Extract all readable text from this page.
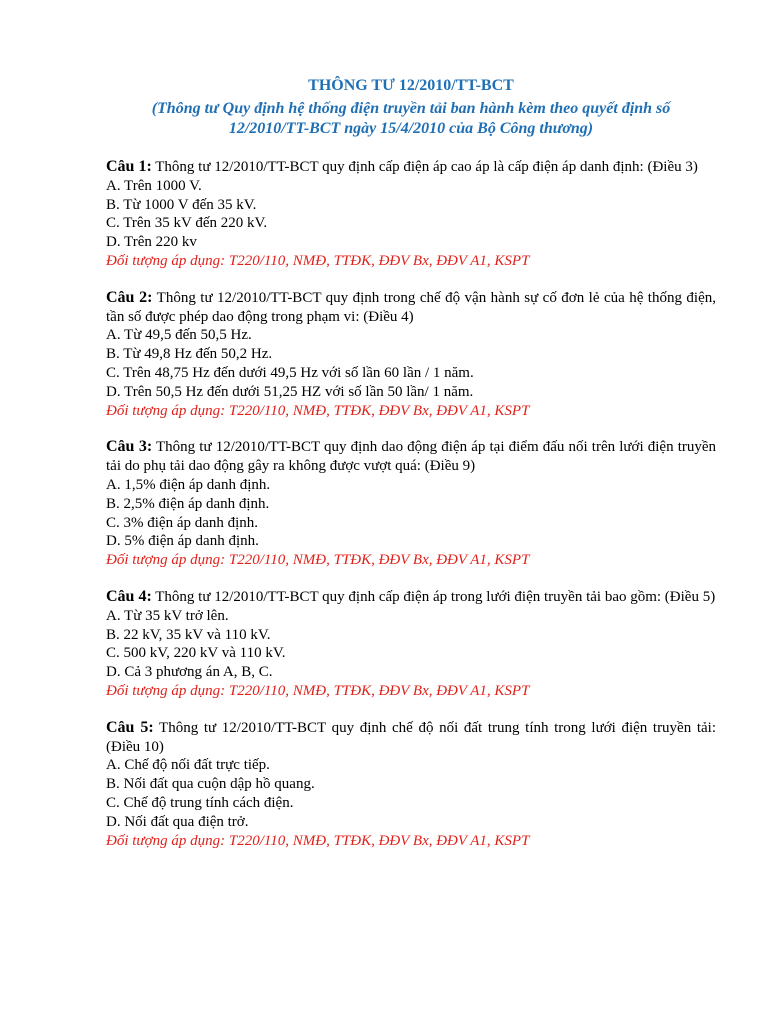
THÔNG TƯ 12/2010/TT-BCT

(Thông tư Quy định hệ thống điện truyền tải ban hành kèm theo quyết định số
12/2010/TT-BCT ngày 15/4/2010 của Bộ Công thương)

Câu 1: Thông tư 12/2010/TT-BCT quy định cấp điện áp cao áp là cấp điện áp danh định: (Điều 3)

A. Trên 1000 V.

B. Từ 1000 V đến 35 kV.

C. Trên 35 kV đến 220 kV.

D. Trên 220 kv

Đối tượng áp dụng: T220/110, NMĐ, TTĐK, ĐĐV Bx, ĐĐV A1, KSPT

Câu 2: Thông tư 12/2010/TT-BCT quy định trong chế độ vận hành sự cố đơn lẻ của hệ thống điện, tần số được phép dao động trong phạm vi: (Điều 4)

A. Từ 49,5 đến 50,5 Hz.

B. Từ 49,8 Hz đến 50,2 Hz.

C. Trên 48,75 Hz đến dưới 49,5 Hz với số lần 60 lần / 1 năm.

D. Trên 50,5 Hz đến dưới 51,25 HZ với số lần 50 lần/ 1 năm.

Đối tượng áp dụng: T220/110, NMĐ, TTĐK, ĐĐV Bx, ĐĐV A1, KSPT

Câu 3: Thông tư 12/2010/TT-BCT quy định dao động điện áp tại điểm đấu nối trên lưới điện truyền tải do phụ tải dao động gây ra không được vượt quá: (Điều 9)

A. 1,5% điện áp danh định.

B. 2,5% điện áp danh định.

C. 3% điện áp danh định.

D. 5% điện áp danh định.

Đối tượng áp dụng: T220/110, NMĐ, TTĐK, ĐĐV Bx, ĐĐV A1, KSPT

Câu 4: Thông tư 12/2010/TT-BCT quy định cấp điện áp trong lưới điện truyền tải bao gồm: (Điều 5)

A. Từ 35 kV trở lên.

B. 22 kV, 35 kV và 110 kV.

C. 500 kV, 220 kV và 110 kV.

D. Cả 3 phương án A, B, C.

Đối tượng áp dụng: T220/110, NMĐ, TTĐK, ĐĐV Bx, ĐĐV A1, KSPT

Câu 5: Thông tư 12/2010/TT-BCT quy định chế độ nối đất trung tính trong lưới điện truyền tải: (Điều 10)

A. Chế độ nối đất trực tiếp.

B. Nối đất qua cuộn dập hồ quang.

C. Chế độ trung tính cách điện.

D. Nối đất qua điện trở.

Đối tượng áp dụng: T220/110, NMĐ, TTĐK, ĐĐV Bx, ĐĐV A1, KSPT
